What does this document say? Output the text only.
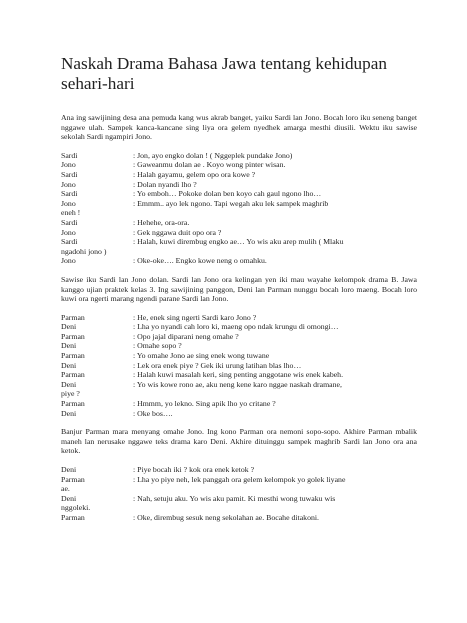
Naskah Drama Bahasa Jawa tentang kehidupan sehari-hari

Ana ing sawijining desa ana pemuda kang wus akrab banget, yaiku Sardi lan Jono. Bocah loro iku seneng banget nggawe ulah. Sampek kanca-kancane sing liya ora gelem nyedhek amarga mesthi diusili. Wektu iku sawise sekolah Sardi ngampiri Jono.

Sardi	: Jon, ayo engko dolan ! ( Nggeplek pundake Jono)
Jono	: Gaweanmu dolan ae . Koyo wong pinter wisan.
Sardi	: Halah gayamu, gelem opo ora kowe ?
Jono	: Dolan nyandi lho ?
Sardi	: Yo emboh… Pokoke dolan ben koyo cah gaul ngono lho…
Jono	: Emmm.. ayo lek ngono. Tapi wegah aku lek sampek maghrib
eneh !
Sardi	: Hehehe, ora-ora.
Jono	: Gek nggawa duit opo ora ?
Sardi	: Halah, kuwi dirembug engko ae… Yo wis aku arep mulih ( Mlaku
ngadohi jono )
Jono	: Oke-oke…. Engko kowe neng o omahku.

Sawise iku Sardi lan Jono dolan. Sardi lan Jono ora kelingan yen iki mau wayahe kelompok drama B. Jawa kanggo ujian praktek kelas 3. Ing sawijining panggon, Deni lan Parman nunggu bocah loro maeng. Bocah loro kuwi ora ngerti marang ngendi parane Sardi lan Jono.

Parman	: He, enek sing ngerti Sardi karo Jono ?
Deni	: Lha yo nyandi cah loro ki, maeng opo ndak krungu di omongi…
Parman	: Opo jajal diparani neng omahe ?
Deni	: Omahe sopo ?
Parman	: Yo omahe Jono ae sing enek wong tuwane
Deni	: Lek ora enek piye ? Gek iki urung latihan blas lho…
Parman	: Halah kuwi masalah keri, sing penting anggotane wis enek kabeh.
Deni	: Yo wis kowe rono ae, aku neng kene karo nggae naskah dramane,
piye ?
Parman	: Hmmm, yo lekno. Sing apik lho yo critane ?
Deni	: Oke bos….

Banjur Parman mara menyang omahe Jono. Ing kono Parman ora nemoni sopo-sopo. Akhire Parman mbalik maneh lan nerusake nggawe teks drama karo Deni. Akhire dituinggu sampek maghrib Sardi lan Jono ora ana ketok.

Deni	: Piye bocah iki ? kok ora enek ketok ?
Parman	: Lha yo piye neh, lek panggah ora gelem kelompok yo golek liyane
ae.
Deni	: Nah, setuju aku. Yo wis aku pamit. Ki mesthi wong tuwaku wis
nggoleki.
Parman	: Oke, dirembug sesuk neng sekolahan ae. Bocahe ditakoni.
